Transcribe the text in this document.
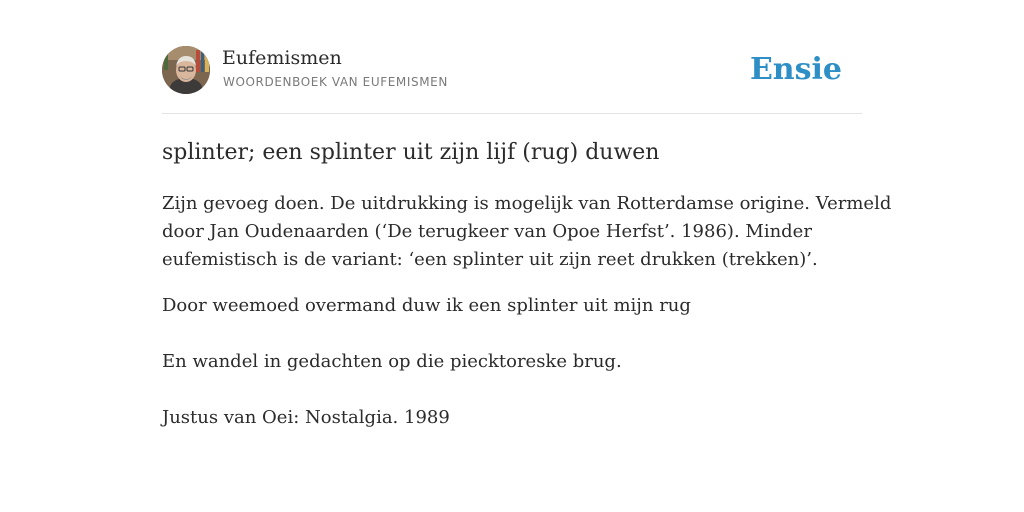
Eufemismen
WOORDENBOEK VAN EUFEMISMEN	Ensie
splinter; een splinter uit zijn lijf (rug) duwen

Zijn gevoeg doen. De uitdrukking is mogelijk van Rotterdamse origine. Vermeld
door Jan Oudenaarden (‘De terugkeer van Opoe Herfst’. 1986). Minder
eufemistisch is de variant: ‘een splinter uit zijn reet drukken (trekken)’.

Door weemoed overmand duw ik een splinter uit mijn rug

En wandel in gedachten op die piecktoreske brug.

Justus van Oei: Nostalgia. 1989
